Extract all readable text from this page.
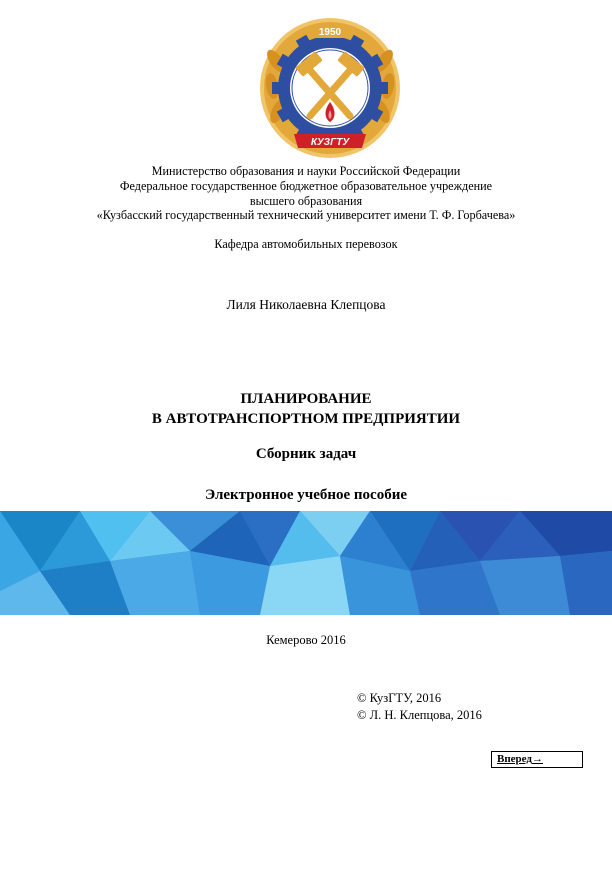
1950
КУЗГТУ
Министерство образования и науки Российской Федерации
Федеральное государственное бюджетное образовательное учреждение
высшего образования
«Кузбасский государственный технический университет имени Т. Ф. Горбачева»
Кафедра автомобильных перевозок
Лиля Николаевна Клепцова
ПЛАНИРОВАНИЕ
В АВТОТРАНСПОРТНОМ ПРЕДПРИЯТИИ
Сборник задач
Электронное учебное пособие
Кемерово 2016
© КузГТУ, 2016
© Л. Н. Клепцова, 2016
Вперед→
